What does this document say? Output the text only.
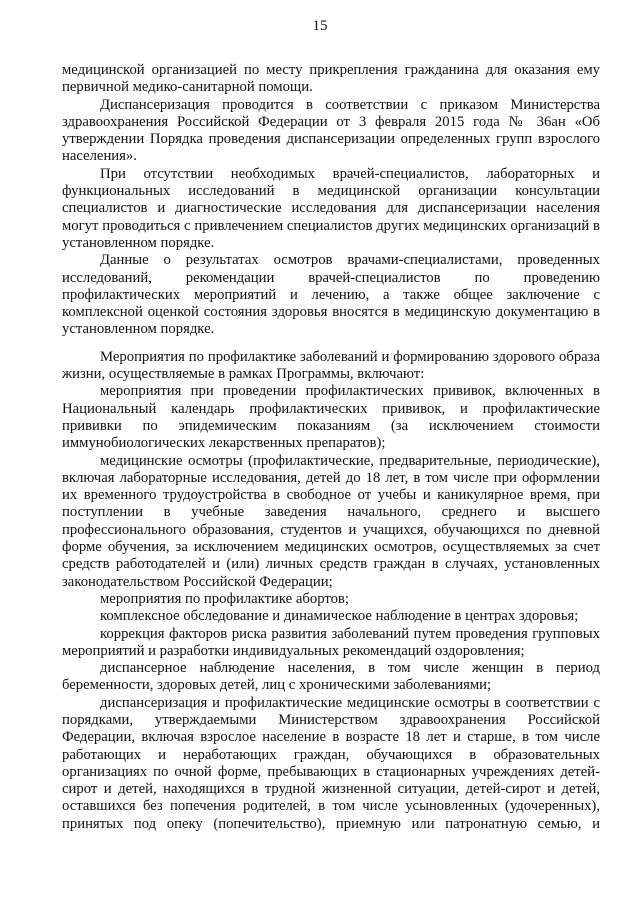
15

медицинской организацией по месту прикрепления гражданина для оказания ему первичной медико-санитарной помощи.

Диспансеризация проводится в соответствии с приказом Министерства здравоохранения Российской Федерации от 3 февраля 2015 года № 36ан «Об утверждении Порядка проведения диспансеризации определенных групп взрослого населения».

При отсутствии необходимых врачей-специалистов, лабораторных и функциональных исследований в медицинской организации консультации специалистов и диагностические исследования для диспансеризации населения могут проводиться с привлечением специалистов других медицинских организаций в установленном порядке.

Данные о результатах осмотров врачами-специалистами, проведенных исследований, рекомендации врачей-специалистов по проведению профилактических мероприятий и лечению, а также общее заключение с комплексной оценкой состояния здоровья вносятся в медицинскую документацию в установленном порядке.

Мероприятия по профилактике заболеваний и формированию здорового образа жизни, осуществляемые в рамках Программы, включают:

мероприятия при проведении профилактических прививок, включенных в Национальный календарь профилактических прививок, и профилактические прививки по эпидемическим показаниям (за исключением стоимости иммунобиологических лекарственных препаратов);

медицинские осмотры (профилактические, предварительные, периодические), включая лабораторные исследования, детей до 18 лет, в том числе при оформлении их временного трудоустройства в свободное от учебы и каникулярное время, при поступлении в учебные заведения начального, среднего и высшего профессионального образования, студентов и учащихся, обучающихся по дневной форме обучения, за исключением медицинских осмотров, осуществляемых за счет средств работодателей и (или) личных средств граждан в случаях, установленных законодательством Российской Федерации;

мероприятия по профилактике абортов;

комплексное обследование и динамическое наблюдение в центрах здоровья;

коррекция факторов риска развития заболеваний путем проведения групповых мероприятий и разработки индивидуальных рекомендаций оздоровления;

диспансерное наблюдение населения, в том числе женщин в период беременности, здоровых детей, лиц с хроническими заболеваниями;

диспансеризация и профилактические медицинские осмотры в соответствии с порядками, утверждаемыми Министерством здравоохранения Российской Федерации, включая взрослое население в возрасте 18 лет и старше, в том числе работающих и неработающих граждан, обучающихся в образовательных организациях по очной форме, пребывающих в стационарных учреждениях детей-сирот и детей, находящихся в трудной жизненной ситуации, детей-сирот и детей, оставшихся без попечения родителей, в том числе усыновленных (удочеренных), принятых под опеку (попечительство), приемную или патронатную семью, и
